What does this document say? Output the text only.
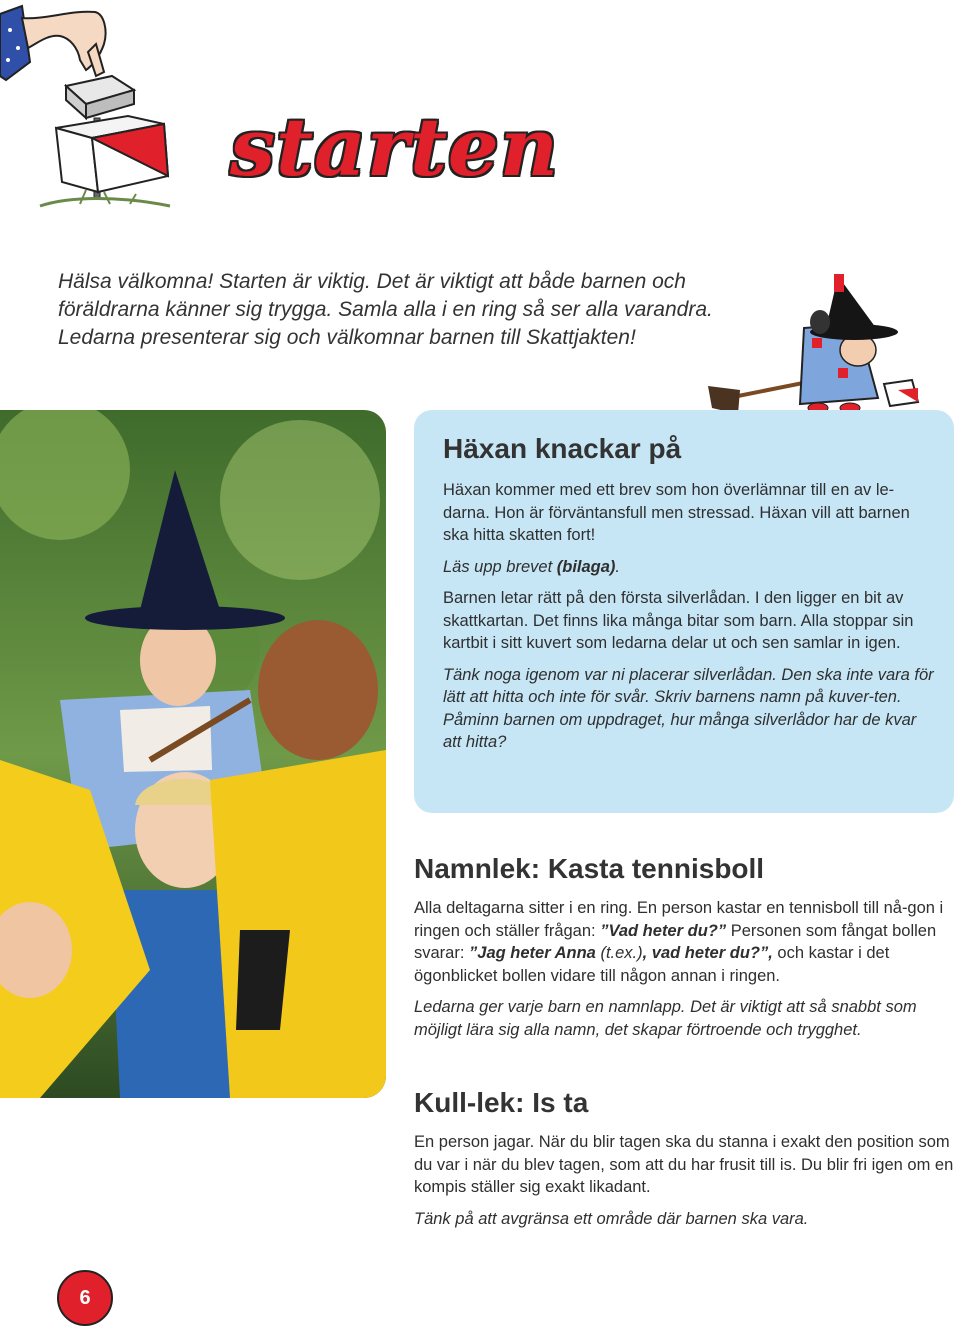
starten
Hälsa välkomna! Starten är viktig. Det är viktigt att både barnen och
föräldrarna känner sig trygga. Samla alla i en ring så ser alla varandra.
Ledarna presenterar sig och välkomnar barnen till Skattjakten!
Häxan knackar på

Häxan kommer med ett brev som hon överlämnar till en av le-darna. Hon är förväntansfull men stressad. Häxan vill att barnen ska hitta skatten fort!

Läs upp brevet (bilaga).

Barnen letar rätt på den första silverlådan. I den ligger en bit av skattkartan. Det finns lika många bitar som barn. Alla stoppar sin kartbit i sitt kuvert som ledarna delar ut och sen samlar in igen.

Tänk noga igenom var ni placerar silverlådan. Den ska inte vara för lätt att hitta och inte för svår. Skriv barnens namn på kuver-ten. Påminn barnen om uppdraget, hur många silverlådor har de kvar att hitta?

Namnlek: Kasta tennisboll

Alla deltagarna sitter i en ring. En person kastar en tennisboll till nå-gon i ringen och ställer frågan: ”Vad heter du?” Personen som fångat bollen svarar: ”Jag heter Anna (t.ex.), vad heter du?”, och kastar i det ögonblicket bollen vidare till någon annan i ringen.

Ledarna ger varje barn en namnlapp. Det är viktigt att så snabbt som möjligt lära sig alla namn, det skapar förtroende och trygghet.

Kull-lek: Is ta

En person jagar. När du blir tagen ska du stanna i exakt den position som du var i när du blev tagen, som att du har frusit till is. Du blir fri igen om en kompis ställer sig exakt likadant.

Tänk på att avgränsa ett område där barnen ska vara.

6
